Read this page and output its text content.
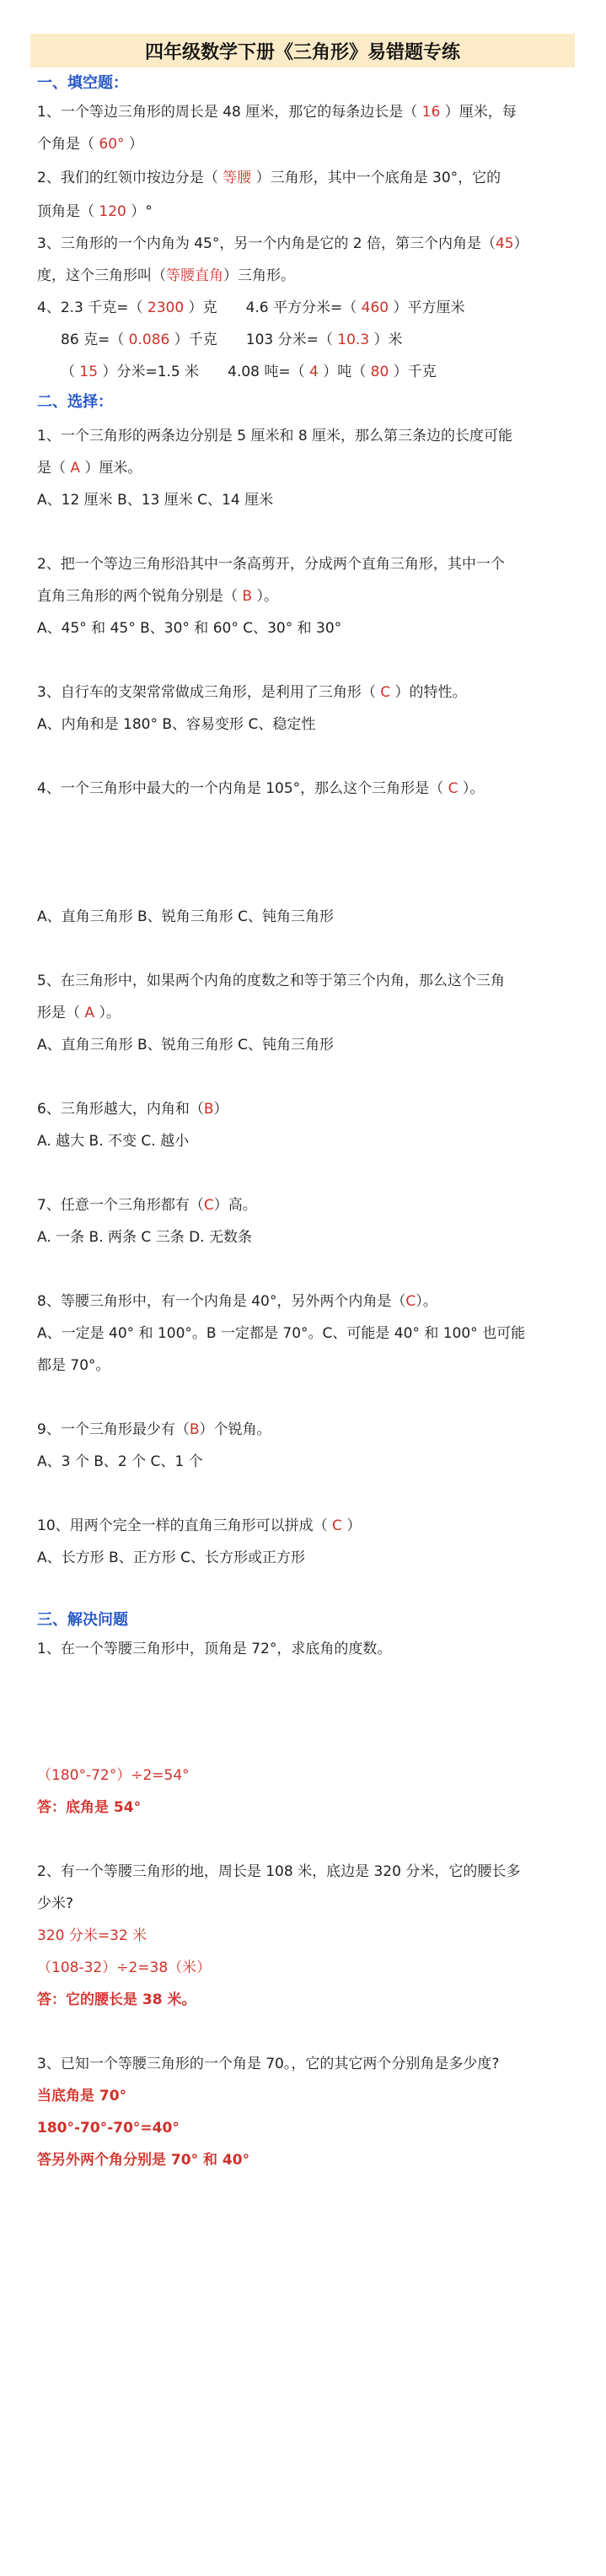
四年级数学下册《三角形》易错题专练
一、填空题：
1、一个等边三角形的周长是 48 厘米，那它的每条边长是（ 16 ）厘米，每
个角是（ 60° ）
2、我们的红领巾按边分是（ 等腰 ）三角形，其中一个底角是 30°，它的
顶角是（ 120 ）°
3、三角形的一个内角为 45°，另一个内角是它的 2 倍，第三个内角是（45）
度，这个三角形叫（等腰直角）三角形。
4、2.3 千克=（ 2300 ）克　　4.6 平方分米=（ 460 ）平方厘米
86 克=（ 0.086 ）千克　　103 分米=（ 10.3 ）米
（ 15 ）分米=1.5 米　　4.08 吨=（ 4 ）吨（ 80 ）千克
二、选择：
1、一个三角形的两条边分别是 5 厘米和 8 厘米，那么第三条边的长度可能
是（ A ）厘米。
A、12 厘米 B、13 厘米 C、14 厘米
2、把一个等边三角形沿其中一条高剪开，分成两个直角三角形，其中一个
直角三角形的两个锐角分别是（ B ）。
A、45° 和 45° B、30° 和 60° C、30° 和 30°
3、自行车的支架常常做成三角形，是利用了三角形（ C ）的特性。
A、内角和是 180° B、容易变形 C、稳定性
4、一个三角形中最大的一个内角是 105°，那么这个三角形是（ C ）。
A、直角三角形 B、锐角三角形 C、钝角三角形
5、在三角形中，如果两个内角的度数之和等于第三个内角，那么这个三角
形是（ A ）。
A、直角三角形 B、锐角三角形 C、钝角三角形
6、三角形越大，内角和（B）
A. 越大 B. 不变 C. 越小
7、任意一个三角形都有（C）高。
A. 一条 B. 两条 C 三条 D. 无数条
8、等腰三角形中，有一个内角是 40°，另外两个内角是（C）。
A、一定是 40° 和 100°。B 一定都是 70°。C、可能是 40° 和 100° 也可能
都是 70°。
9、一个三角形最少有（B）个锐角。
A、3 个 B、2 个 C、1 个
10、用两个完全一样的直角三角形可以拼成（ C ）
A、长方形 B、正方形 C、长方形或正方形
三、解决问题
1、在一个等腰三角形中，顶角是 72°，求底角的度数。
（180°-72°）÷2=54°
答：底角是 54°
2、有一个等腰三角形的地，周长是 108 米，底边是 320 分米，它的腰长多
少米?
320 分米=32 米
（108-32）÷2=38（米）
答：它的腰长是 38 米。
3、已知一个等腰三角形的一个角是 70。，它的其它两个分别角是多少度?
当底角是 70°
180°-70°-70°=40°
答另外两个角分别是 70° 和 40°
